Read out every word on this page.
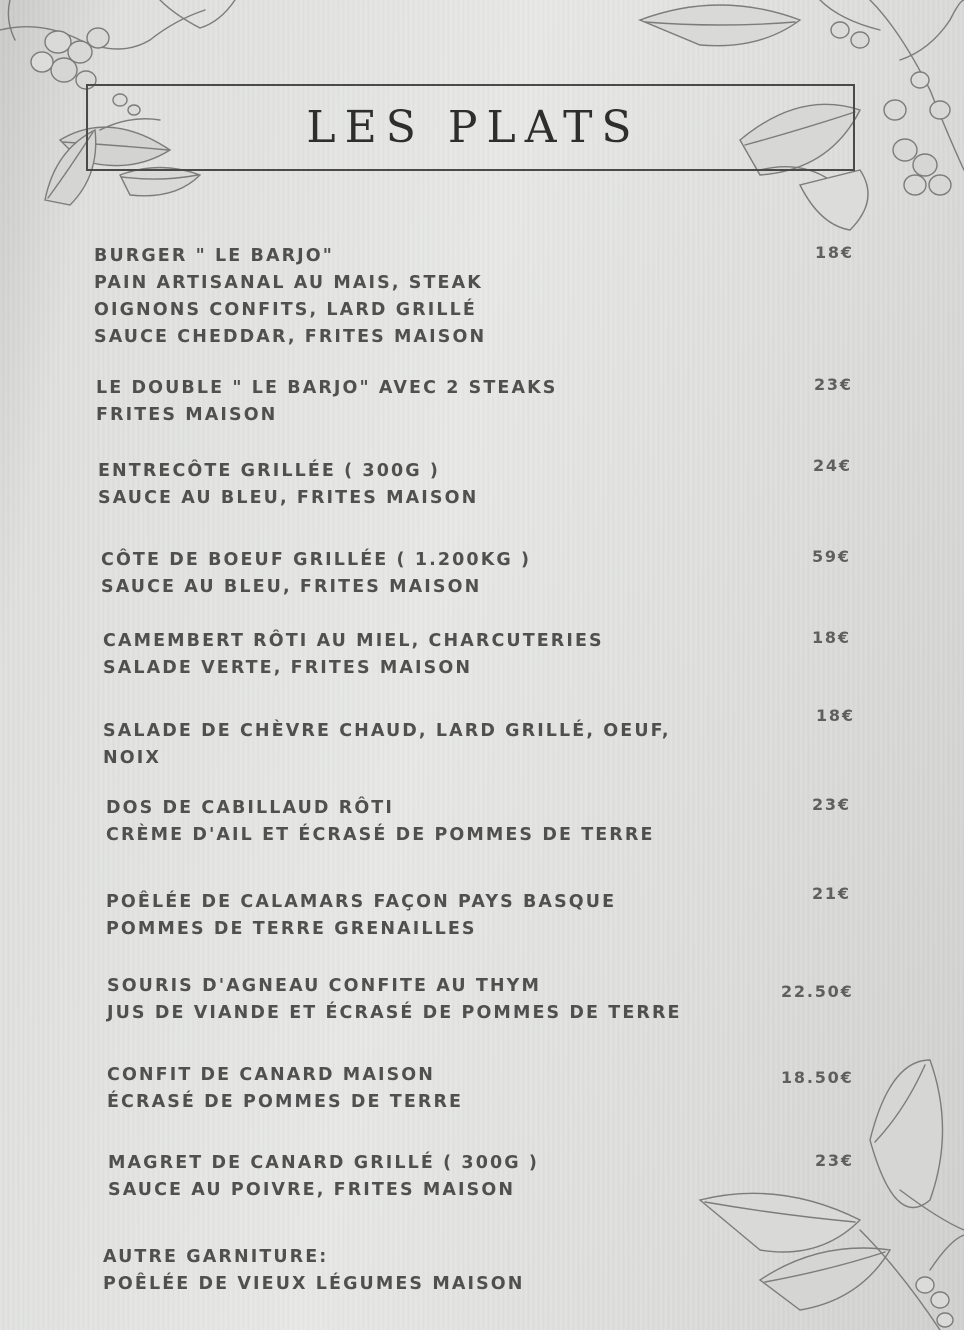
LES PLATS
BURGER " LE BARJO"
PAIN ARTISANAL AU MAIS, STEAK
OIGNONS CONFITS, LARD GRILLÉ
SAUCE CHEDDAR, FRITES MAISON
18€
LE DOUBLE " LE BARJO" AVEC 2 STEAKS
FRITES MAISON
23€
ENTRECÔTE GRILLÉE ( 300G )
SAUCE AU BLEU, FRITES MAISON
24€
CÔTE DE BOEUF GRILLÉE ( 1.200KG )
SAUCE AU BLEU, FRITES MAISON
59€
CAMEMBERT RÔTI AU MIEL, CHARCUTERIES
SALADE VERTE, FRITES MAISON
18€
SALADE DE CHÈVRE CHAUD, LARD GRILLÉ, OEUF,
NOIX
18€
DOS DE CABILLAUD RÔTI
CRÈME D'AIL ET ÉCRASÉ DE POMMES DE TERRE
23€
POÊLÉE DE CALAMARS FAÇON PAYS BASQUE
POMMES DE TERRE GRENAILLES
21€
SOURIS D'AGNEAU CONFITE AU THYM
JUS DE VIANDE ET ÉCRASÉ DE POMMES DE TERRE
22.50€
CONFIT DE CANARD MAISON
ÉCRASÉ DE POMMES DE TERRE
18.50€
MAGRET DE CANARD GRILLÉ ( 300G )
SAUCE AU POIVRE, FRITES MAISON
23€
AUTRE GARNITURE:
POÊLÉE DE VIEUX LÉGUMES MAISON
